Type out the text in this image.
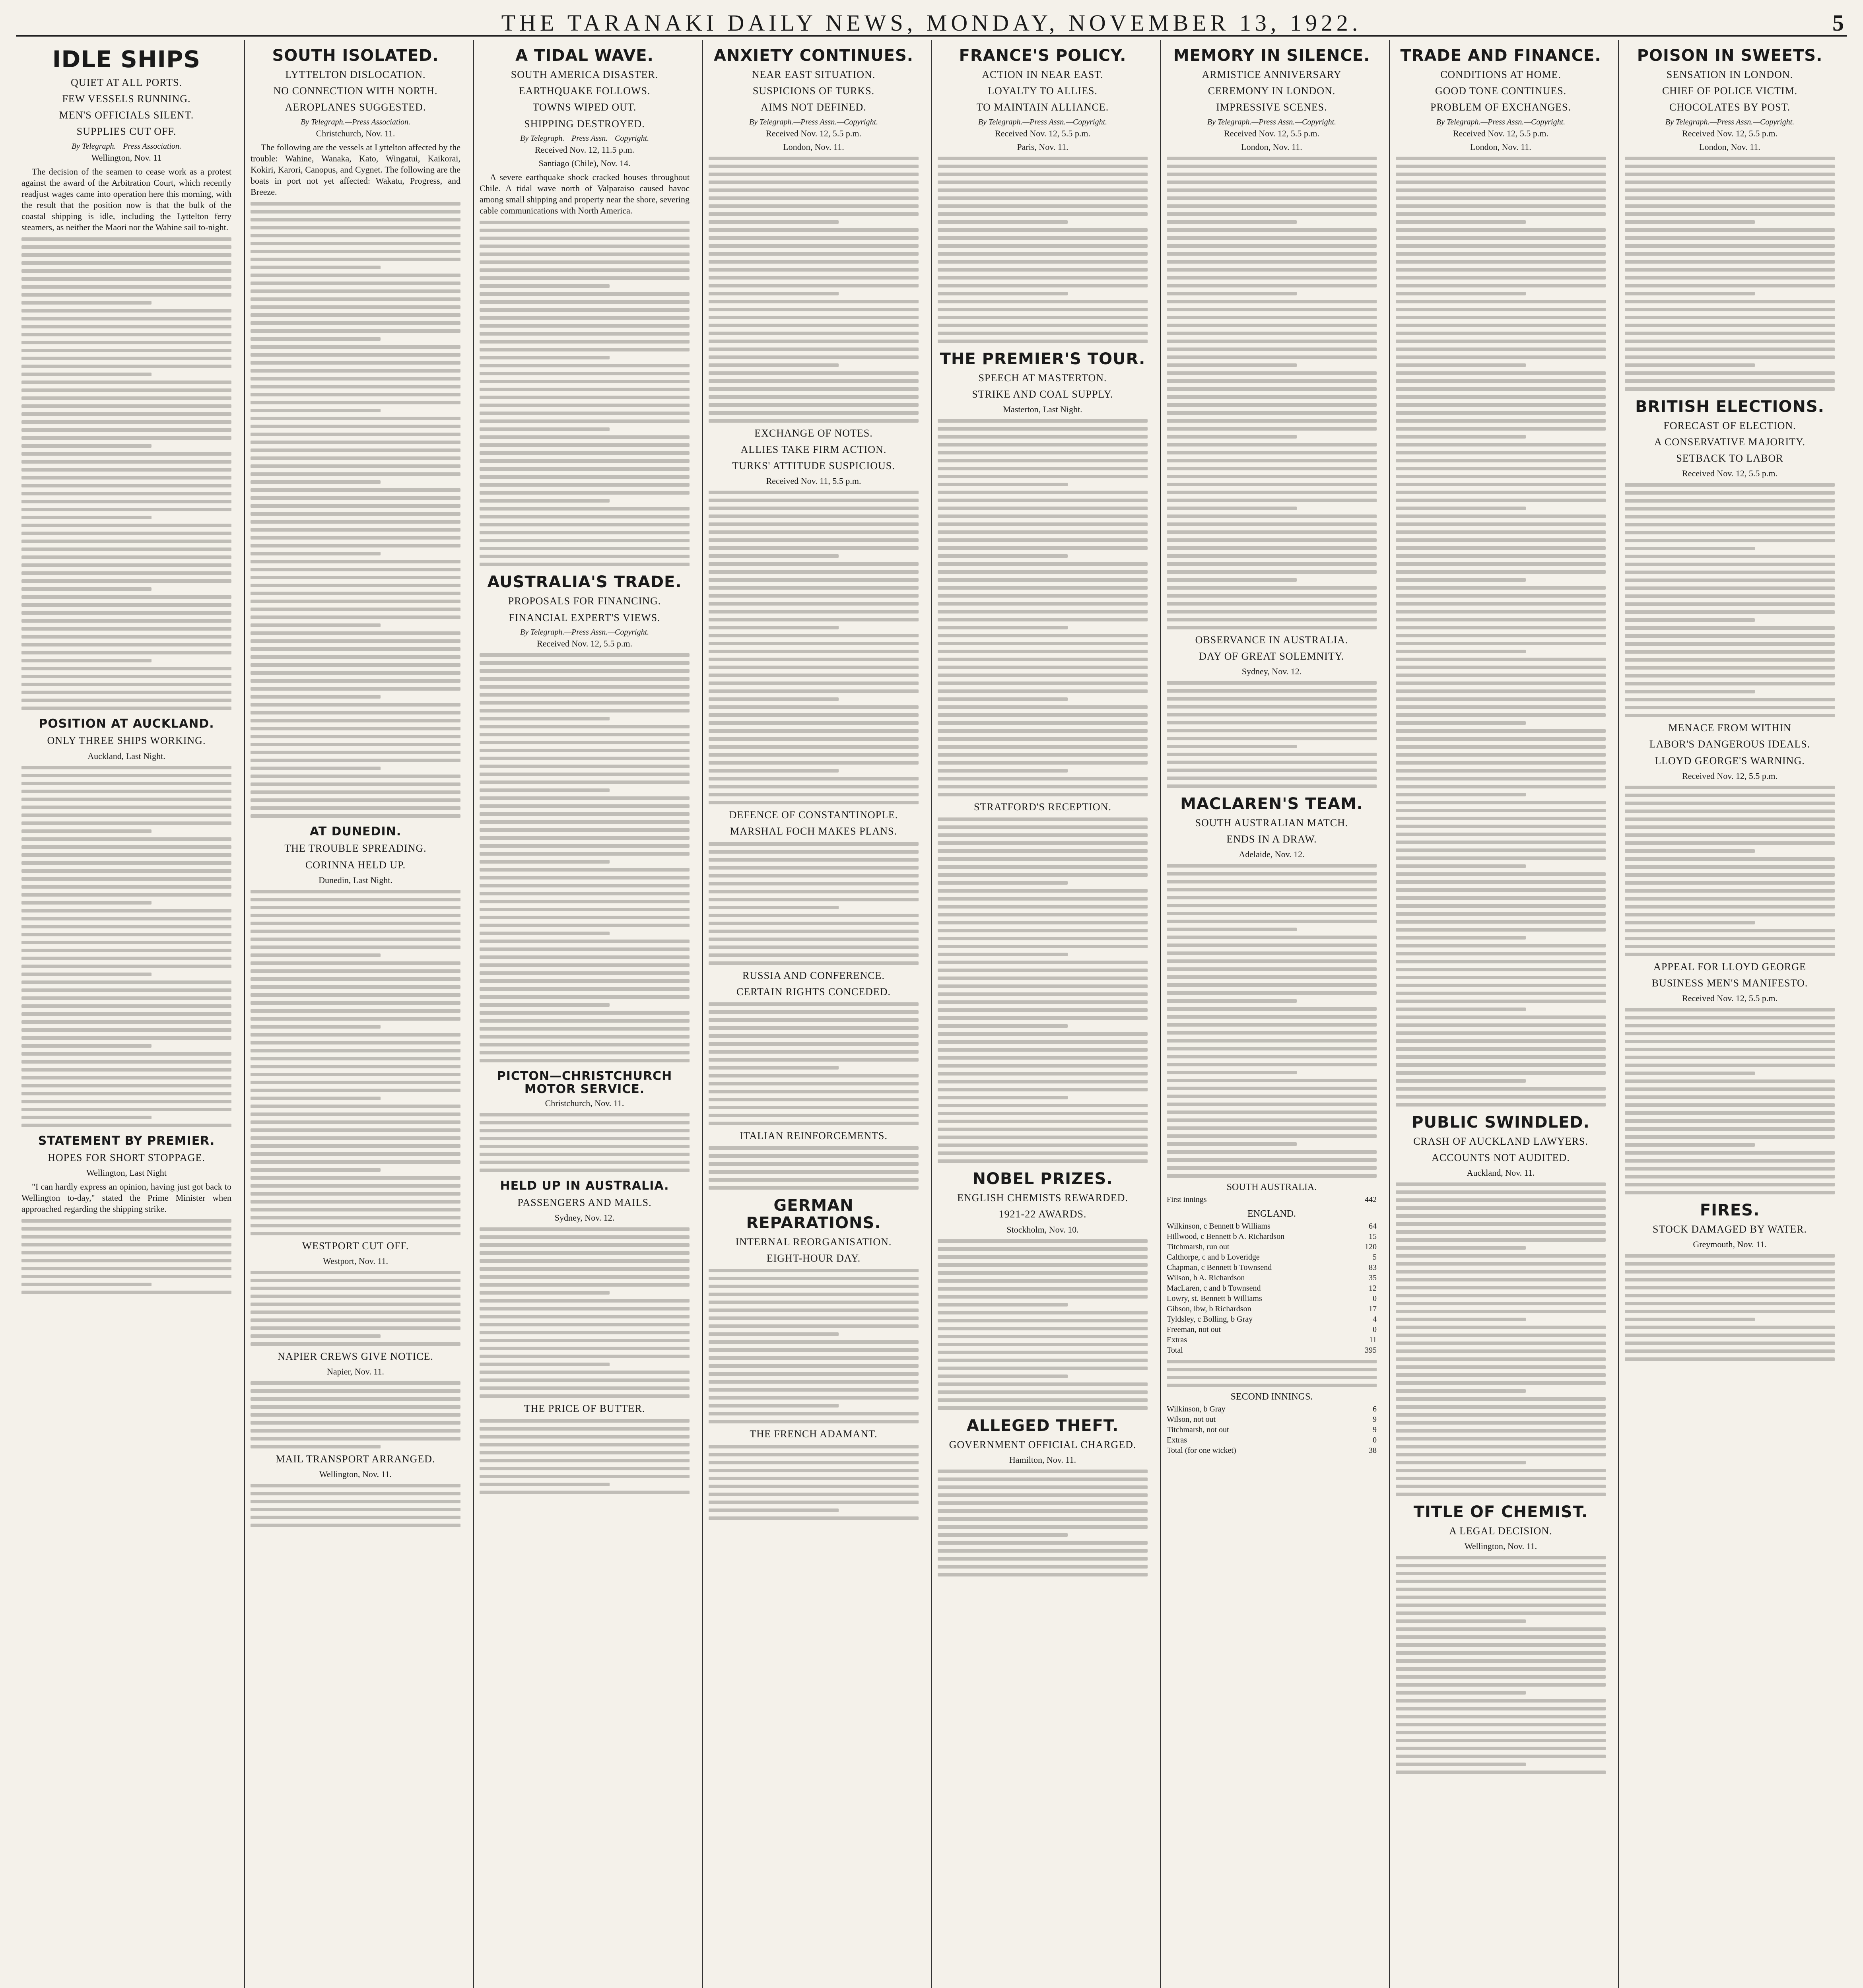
THE TARANAKI DAILY NEWS, MONDAY, NOVEMBER 13, 1922.	5
IDLE SHIPS
QUIET AT ALL PORTS.
FEW VESSELS RUNNING.
MEN'S OFFICIALS SILENT.
SUPPLIES CUT OFF.
By Telegraph.—Press Association.
Wellington, Nov. 11

The decision of the seamen to cease work as a protest against the award of the Arbitration Court, which recently readjust wages came into operation here this morning, with the result that the position now is that the bulk of the coastal shipping is idle, including the Lyttelton ferry steamers, as neither the Maori nor the Wahine sail to-night.

POSITION AT AUCKLAND.
ONLY THREE SHIPS WORKING.
Auckland, Last Night.
STATEMENT BY PREMIER.
HOPES FOR SHORT STOPPAGE.
Wellington, Last Night

"I can hardly express an opinion, having just got back to Wellington to-day," stated the Prime Minister when approached regarding the shipping strike.

SOUTH ISOLATED.
LYTTELTON DISLOCATION.
NO CONNECTION WITH NORTH.
AEROPLANES SUGGESTED.
By Telegraph.—Press Association.
Christchurch, Nov. 11.

The following are the vessels at Lyttelton affected by the trouble: Wahine, Wanaka, Kato, Wingatui, Kaikorai, Kokiri, Karori, Canopus, and Cygnet. The following are the boats in port not yet affected: Wakatu, Progress, and Breeze.

AT DUNEDIN.
THE TROUBLE SPREADING.
CORINNA HELD UP.
Dunedin, Last Night.
WESTPORT CUT OFF.
Westport, Nov. 11.
NAPIER CREWS GIVE NOTICE.
Napier, Nov. 11.
MAIL TRANSPORT ARRANGED.
Wellington, Nov. 11.
A TIDAL WAVE.
SOUTH AMERICA DISASTER.
EARTHQUAKE FOLLOWS.
TOWNS WIPED OUT.
SHIPPING DESTROYED.
By Telegraph.—Press Assn.—Copyright.
Received Nov. 12, 11.5 p.m.
Santiago (Chile), Nov. 14.

A severe earthquake shock cracked houses throughout Chile. A tidal wave north of Valparaiso caused havoc among small shipping and property near the shore, severing cable communications with North America.

AUSTRALIA'S TRADE.
PROPOSALS FOR FINANCING.
FINANCIAL EXPERT'S VIEWS.
By Telegraph.—Press Assn.—Copyright.
Received Nov. 12, 5.5 p.m.
PICTON—CHRISTCHURCH MOTOR SERVICE.
Christchurch, Nov. 11.
HELD UP IN AUSTRALIA.
PASSENGERS AND MAILS.
Sydney, Nov. 12.
THE PRICE OF BUTTER.
ANXIETY CONTINUES.
NEAR EAST SITUATION.
SUSPICIONS OF TURKS.
AIMS NOT DEFINED.
By Telegraph.—Press Assn.—Copyright.
Received Nov. 12, 5.5 p.m.
London, Nov. 11.
EXCHANGE OF NOTES.
ALLIES TAKE FIRM ACTION.
TURKS' ATTITUDE SUSPICIOUS.
Received Nov. 11, 5.5 p.m.
DEFENCE OF CONSTANTINOPLE.
MARSHAL FOCH MAKES PLANS.
RUSSIA AND CONFERENCE.
CERTAIN RIGHTS CONCEDED.
ITALIAN REINFORCEMENTS.
GERMAN REPARATIONS.
INTERNAL REORGANISATION.
EIGHT-HOUR DAY.
THE FRENCH ADAMANT.
FRANCE'S POLICY.
ACTION IN NEAR EAST.
LOYALTY TO ALLIES.
TO MAINTAIN ALLIANCE.
By Telegraph.—Press Assn.—Copyright.
Received Nov. 12, 5.5 p.m.
Paris, Nov. 11.
THE PREMIER'S TOUR.
SPEECH AT MASTERTON.
STRIKE AND COAL SUPPLY.
Masterton, Last Night.
STRATFORD'S RECEPTION.
NOBEL PRIZES.
ENGLISH CHEMISTS REWARDED.
1921-22 AWARDS.
Stockholm, Nov. 10.
ALLEGED THEFT.
GOVERNMENT OFFICIAL CHARGED.
Hamilton, Nov. 11.
MEMORY IN SILENCE.
ARMISTICE ANNIVERSARY
CEREMONY IN LONDON.
IMPRESSIVE SCENES.
By Telegraph.—Press Assn.—Copyright.
Received Nov. 12, 5.5 p.m.
London, Nov. 11.
OBSERVANCE IN AUSTRALIA.
DAY OF GREAT SOLEMNITY.
Sydney, Nov. 12.
MACLAREN'S TEAM.
SOUTH AUSTRALIAN MATCH.
ENDS IN A DRAW.
Adelaide, Nov. 12.
SOUTH AUSTRALIA.
First innings	442
ENGLAND.
Wilkinson, c Bennett b Williams	64
Hillwood, c Bennett b A. Richardson	15
Titchmarsh, run out	120
Calthorpe, c and b Loveridge	5
Chapman, c Bennett b Townsend	83
Wilson, b A. Richardson	35
MacLaren, c and b Townsend	12
Lowry, st. Bennett b Williams	0
Gibson, lbw, b Richardson	17
Tyldsley, c Bolling, b Gray	4
Freeman, not out	0
Extras	11
Total	395
SECOND INNINGS.
Wilkinson, b Gray	6
Wilson, not out	9
Titchmarsh, not out	9
Extras	0
Total (for one wicket)	38
TRADE AND FINANCE.
CONDITIONS AT HOME.
GOOD TONE CONTINUES.
PROBLEM OF EXCHANGES.
By Telegraph.—Press Assn.—Copyright.
Received Nov. 12, 5.5 p.m.
London, Nov. 11.
PUBLIC SWINDLED.
CRASH OF AUCKLAND LAWYERS.
ACCOUNTS NOT AUDITED.
Auckland, Nov. 11.
TITLE OF CHEMIST.
A LEGAL DECISION.
Wellington, Nov. 11.
POISON IN SWEETS.
SENSATION IN LONDON.
CHIEF OF POLICE VICTIM.
CHOCOLATES BY POST.
By Telegraph.—Press Assn.—Copyright.
Received Nov. 12, 5.5 p.m.
London, Nov. 11.
BRITISH ELECTIONS.
FORECAST OF ELECTION.
A CONSERVATIVE MAJORITY.
SETBACK TO LABOR
Received Nov. 12, 5.5 p.m.
MENACE FROM WITHIN
LABOR'S DANGEROUS IDEALS.
LLOYD GEORGE'S WARNING.
Received Nov. 12, 5.5 p.m.
APPEAL FOR LLOYD GEORGE
BUSINESS MEN'S MANIFESTO.
Received Nov. 12, 5.5 p.m.
FIRES.
STOCK DAMAGED BY WATER.
Greymouth, Nov. 11.
